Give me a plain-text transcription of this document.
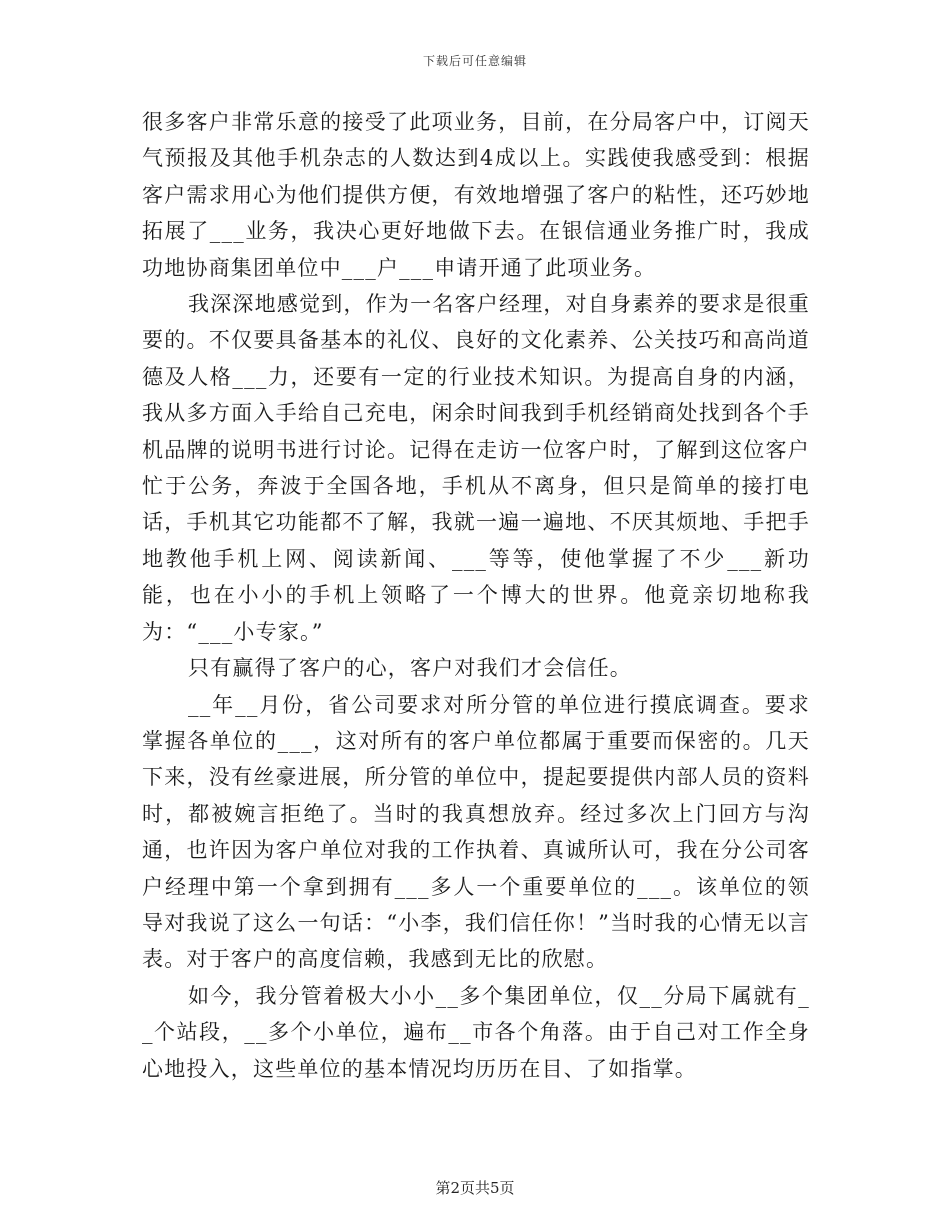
下载后可任意编辑

很多客户非常乐意的接受了此项业务，目前，在分局客户中，订阅天气预报及其他手机杂志的人数达到4成以上。实践使我感受到：根据客户需求用心为他们提供方便，有效地增强了客户的粘性，还巧妙地拓展了___业务，我决心更好地做下去。在银信通业务推广时，我成功地协商集团单位中___户___申请开通了此项业务。

我深深地感觉到，作为一名客户经理，对自身素养的要求是很重要的。不仅要具备基本的礼仪、良好的文化素养、公关技巧和高尚道德及人格___力，还要有一定的行业技术知识。为提高自身的内涵，我从多方面入手给自己充电，闲余时间我到手机经销商处找到各个手机品牌的说明书进行讨论。记得在走访一位客户时，了解到这位客户忙于公务，奔波于全国各地，手机从不离身，但只是简单的接打电话，手机其它功能都不了解，我就一遍一遍地、不厌其烦地、手把手地教他手机上网、阅读新闻、___等等，使他掌握了不少___新功能，也在小小的手机上领略了一个博大的世界。他竟亲切地称我为：“___小专家。”

只有赢得了客户的心，客户对我们才会信任。

__年__月份，省公司要求对所分管的单位进行摸底调查。要求掌握各单位的___，这对所有的客户单位都属于重要而保密的。几天下来，没有丝豪进展，所分管的单位中，提起要提供内部人员的资料时，都被婉言拒绝了。当时的我真想放弃。经过多次上门回方与沟通，也许因为客户单位对我的工作执着、真诚所认可，我在分公司客户经理中第一个拿到拥有___多人一个重要单位的___。该单位的领导对我说了这么一句话：“小李，我们信任你！”当时我的心情无以言表。对于客户的高度信赖，我感到无比的欣慰。

如今，我分管着极大小小__多个集团单位，仅__分局下属就有__个站段，__多个小单位，遍布__市各个角落。由于自己对工作全身心地投入，这些单位的基本情况均历历在目、了如指掌。

第2页共5页
